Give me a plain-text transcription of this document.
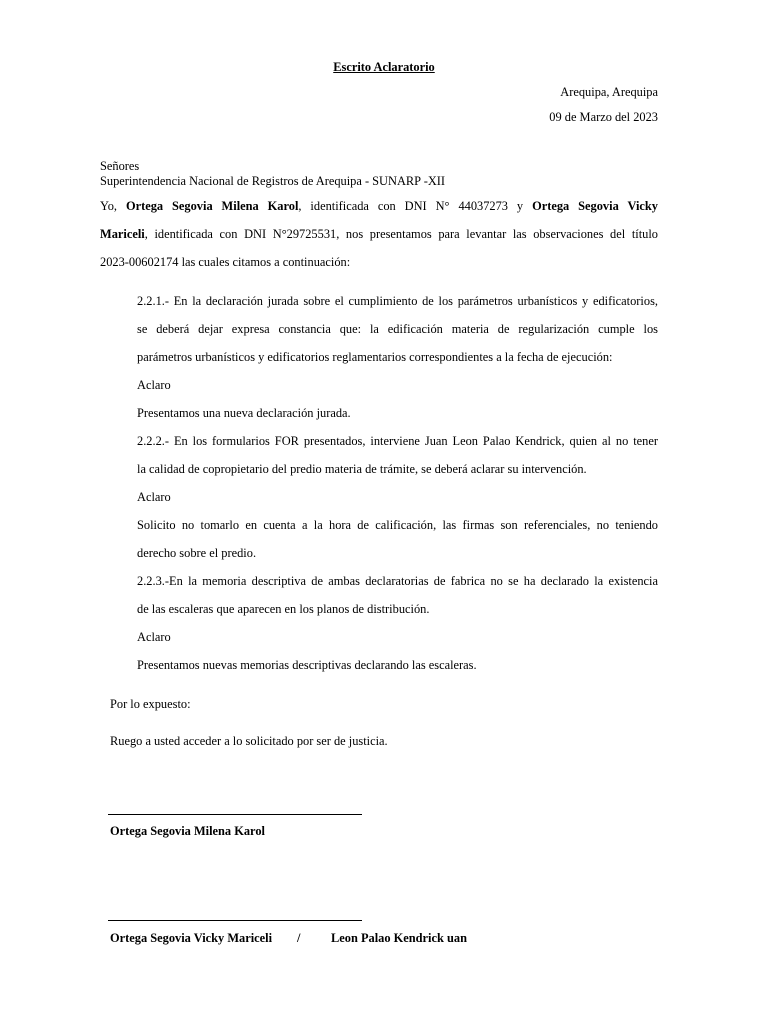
Escrito Aclaratorio
Arequipa, Arequipa
09 de Marzo del 2023
Señores
Superintendencia Nacional de Registros de Arequipa - SUNARP -XII
Yo, Ortega Segovia Milena Karol, identificada con DNI N° 44037273 y Ortega Segovia Vicky
Mariceli, identificada con DNI N°29725531, nos presentamos para levantar las observaciones del título
2023-00602174 las cuales citamos a continuación:
2.2.1.- En la declaración jurada sobre el cumplimiento de los parámetros urbanísticos y edificatorios,
se deberá dejar expresa constancia que: la edificación materia de regularización cumple los
parámetros urbanísticos y edificatorios reglamentarios correspondientes a la fecha de ejecución:
Aclaro
Presentamos una nueva declaración jurada.
2.2.2.- En los formularios FOR presentados, interviene Juan Leon Palao Kendrick, quien al no tener
la calidad de copropietario del predio materia de trámite, se deberá aclarar su intervención.
Aclaro
Solicito no tomarlo en cuenta a la hora de calificación, las firmas son referenciales, no teniendo
derecho sobre el predio.
2.2.3.-En la memoria descriptiva de ambas declaratorias de fabrica no se ha declarado la existencia
de las escaleras que aparecen en los planos de distribución.
Aclaro
Presentamos nuevas memorias descriptivas declarando las escaleras.
Por lo expuesto:
Ruego a usted acceder a lo solicitado por ser de justicia.
Ortega Segovia Milena Karol
Ortega Segovia Vicky Mariceli / Leon Palao Kendrick uan
